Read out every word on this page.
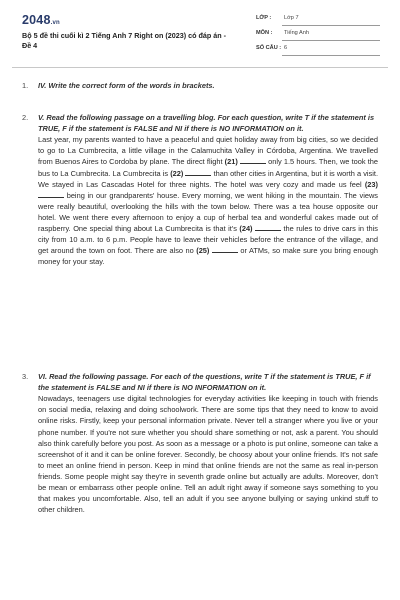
2048.vn
Bộ 5 đề thi cuối kì 2 Tiếng Anh 7 Right on (2023) có đáp án - Đề 4
LỚP : Lớp 7
MÔN : Tiếng Anh
SỐ CÂU : 6
1. IV. Write the correct form of the words in brackets.
2. V. Read the following passage on a travelling blog. For each question, write T if the statement is TRUE, F if the statement is FALSE and NI if there is NO INFORMATION on it.
Last year, my parents wanted to have a peaceful and quiet holiday away from big cities, so we decided to go to La Cumbrecita, a little village in the Calamuchita Valley in Córdoba, Argentina. We travelled from Buenos Aires to Cordoba by plane. The direct flight (21)	only 1.5 hours. Then, we took the bus to La Cumbrecita. La Cumbrecita is (22)	than other cities in Argentina, but it is worth a visit. We stayed in Las Cascadas Hotel for three nights. The hotel was very cozy and made us feel (23)  being in our grandparents' house. Every morning, we went hiking in the mountain. The views were really beautiful, overlooking the hills with the town below. There was a tea house opposite our hotel. We went there every afternoon to enjoy a cup of herbal tea and wonderful cakes made out of raspberry. One special thing about La Cumbrecita is that it's (24)	the rules to drive cars in this city from 10 a.m. to 6 p.m. People have to leave their vehicles before the entrance of the village, and get around the town on foot. There are also no (25)	or ATMs, so make sure you bring enough money for your stay.
3. VI. Read the following passage. For each of the questions, write T if the statement is TRUE, F if the statement is FALSE and NI if there is NO INFORMATION on it.
Nowadays, teenagers use digital technologies for everyday activities like keeping in touch with friends on social media, relaxing and doing schoolwork. There are some tips that they need to know to avoid online risks. Firstly, keep your personal information private. Never tell a stranger where you live or your phone number. If you're not sure whether you should share something or not, ask a parent. You should also think carefully before you post. As soon as a message or a photo is put online, someone can take a screenshot of it and it can be online forever. Secondly, be choosy about your online friends. It's not safe to meet an online friend in person. Keep in mind that online friends are not the same as real in-person friends. Some people might say they're in seventh grade online but actually are adults. Moreover, don't be mean or embarrass other people online. Tell an adult right away if someone says something to you that makes you uncomfortable. Also, tell an adult if you see anyone bullying or saying unkind stuff to other children.
